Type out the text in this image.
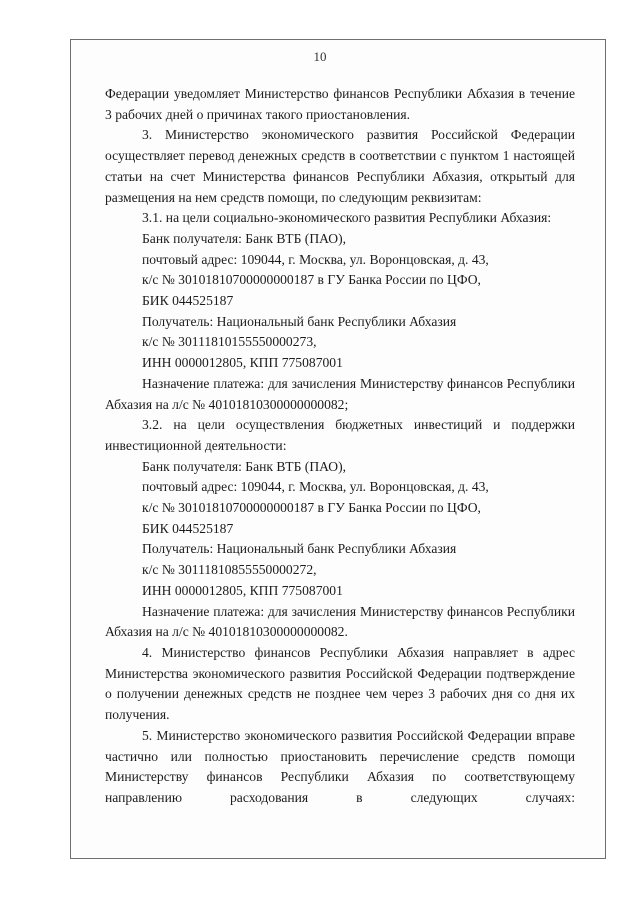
10

Федерации уведомляет Министерство финансов Республики Абхазия в течение 3 рабочих дней о причинах такого приостановления.

3. Министерство экономического развития Российской Федерации осуществляет перевод денежных средств в соответствии с пунктом 1 настоящей статьи на счет Министерства финансов Республики Абхазия, открытый для размещения на нем средств помощи, по следующим реквизитам:

3.1. на цели социально-экономического развития Республики Абхазия:

Банк получателя: Банк ВТБ (ПАО),

почтовый адрес: 109044, г. Москва, ул. Воронцовская, д. 43,

к/с № 30101810700000000187 в ГУ Банка России по ЦФО,

БИК 044525187

Получатель: Национальный банк Республики Абхазия

к/с № 30111810155550000273,

ИНН 0000012805, КПП 775087001

Назначение платежа: для зачисления Министерству финансов Республики Абхазия на л/с № 40101810300000000082;

3.2. на цели осуществления бюджетных инвестиций и поддержки инвестиционной деятельности:

Банк получателя: Банк ВТБ (ПАО),

почтовый адрес: 109044, г. Москва, ул. Воронцовская, д. 43,

к/с № 30101810700000000187 в ГУ Банка России по ЦФО,

БИК 044525187

Получатель: Национальный банк Республики Абхазия

к/с № 30111810855550000272,

ИНН 0000012805, КПП 775087001

Назначение платежа: для зачисления Министерству финансов Республики Абхазия на л/с № 40101810300000000082.

4. Министерство финансов Республики Абхазия направляет в адрес Министерства экономического развития Российской Федерации подтверждение о получении денежных средств не позднее чем через 3 рабочих дня со дня их получения.

5. Министерство экономического развития Российской Федерации вправе частично или полностью приостановить перечисление средств помощи Министерству финансов Республики Абхазия по соответствующему направлению расходования в следующих случаях:
